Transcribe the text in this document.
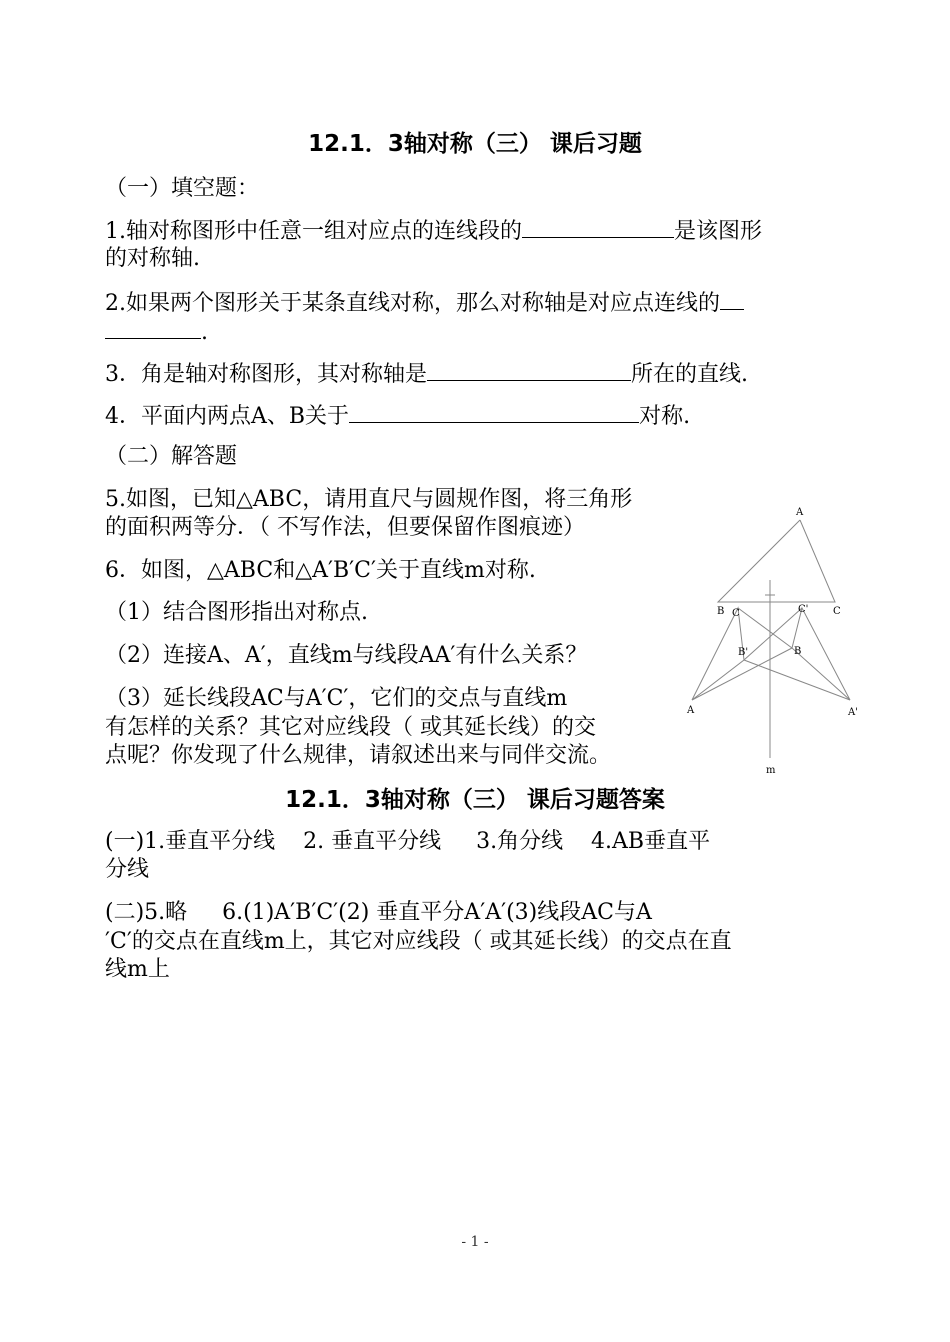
12.1．3轴对称（三） 课后习题
（一）填空题：
1.轴对称图形中任意一组对应点的连线段的	是该图形
的对称轴.
2.如果两个图形关于某条直线对称，那么对称轴是对应点连线的
.
3．角是轴对称图形，其对称轴是	所在的直线.
4．平面内两点A、B关于	对称.
（二）解答题
5.如图，已知△ABC，请用直尺与圆规作图，将三角形
的面积两等分．（ 不写作法，但要保留作图痕迹）
6．如图，△ABC和△A′B′C′关于直线m对称.
（1）结合图形指出对称点.
（2）连接A、A′，直线m与线段AA′有什么关系？
（3）延长线段AC与A′C′，它们的交点与直线m
有怎样的关系？其它对应线段（ 或其延长线）的交
点呢？你发现了什么规律，请叙述出来与同伴交流。
A
B C	C' C
B'	B
A	A'
m
12.1．3轴对称（三） 课后习题答案
(一)1.垂直平分线    2. 垂直平分线     3.角分线    4.AB垂直平
分线
(二)5.略     6.(1)A′B′C′(2) 垂直平分A′A′(3)线段AC与A
′C′的交点在直线m上，其它对应线段（ 或其延长线）的交点在直
线m上
- 1 -
